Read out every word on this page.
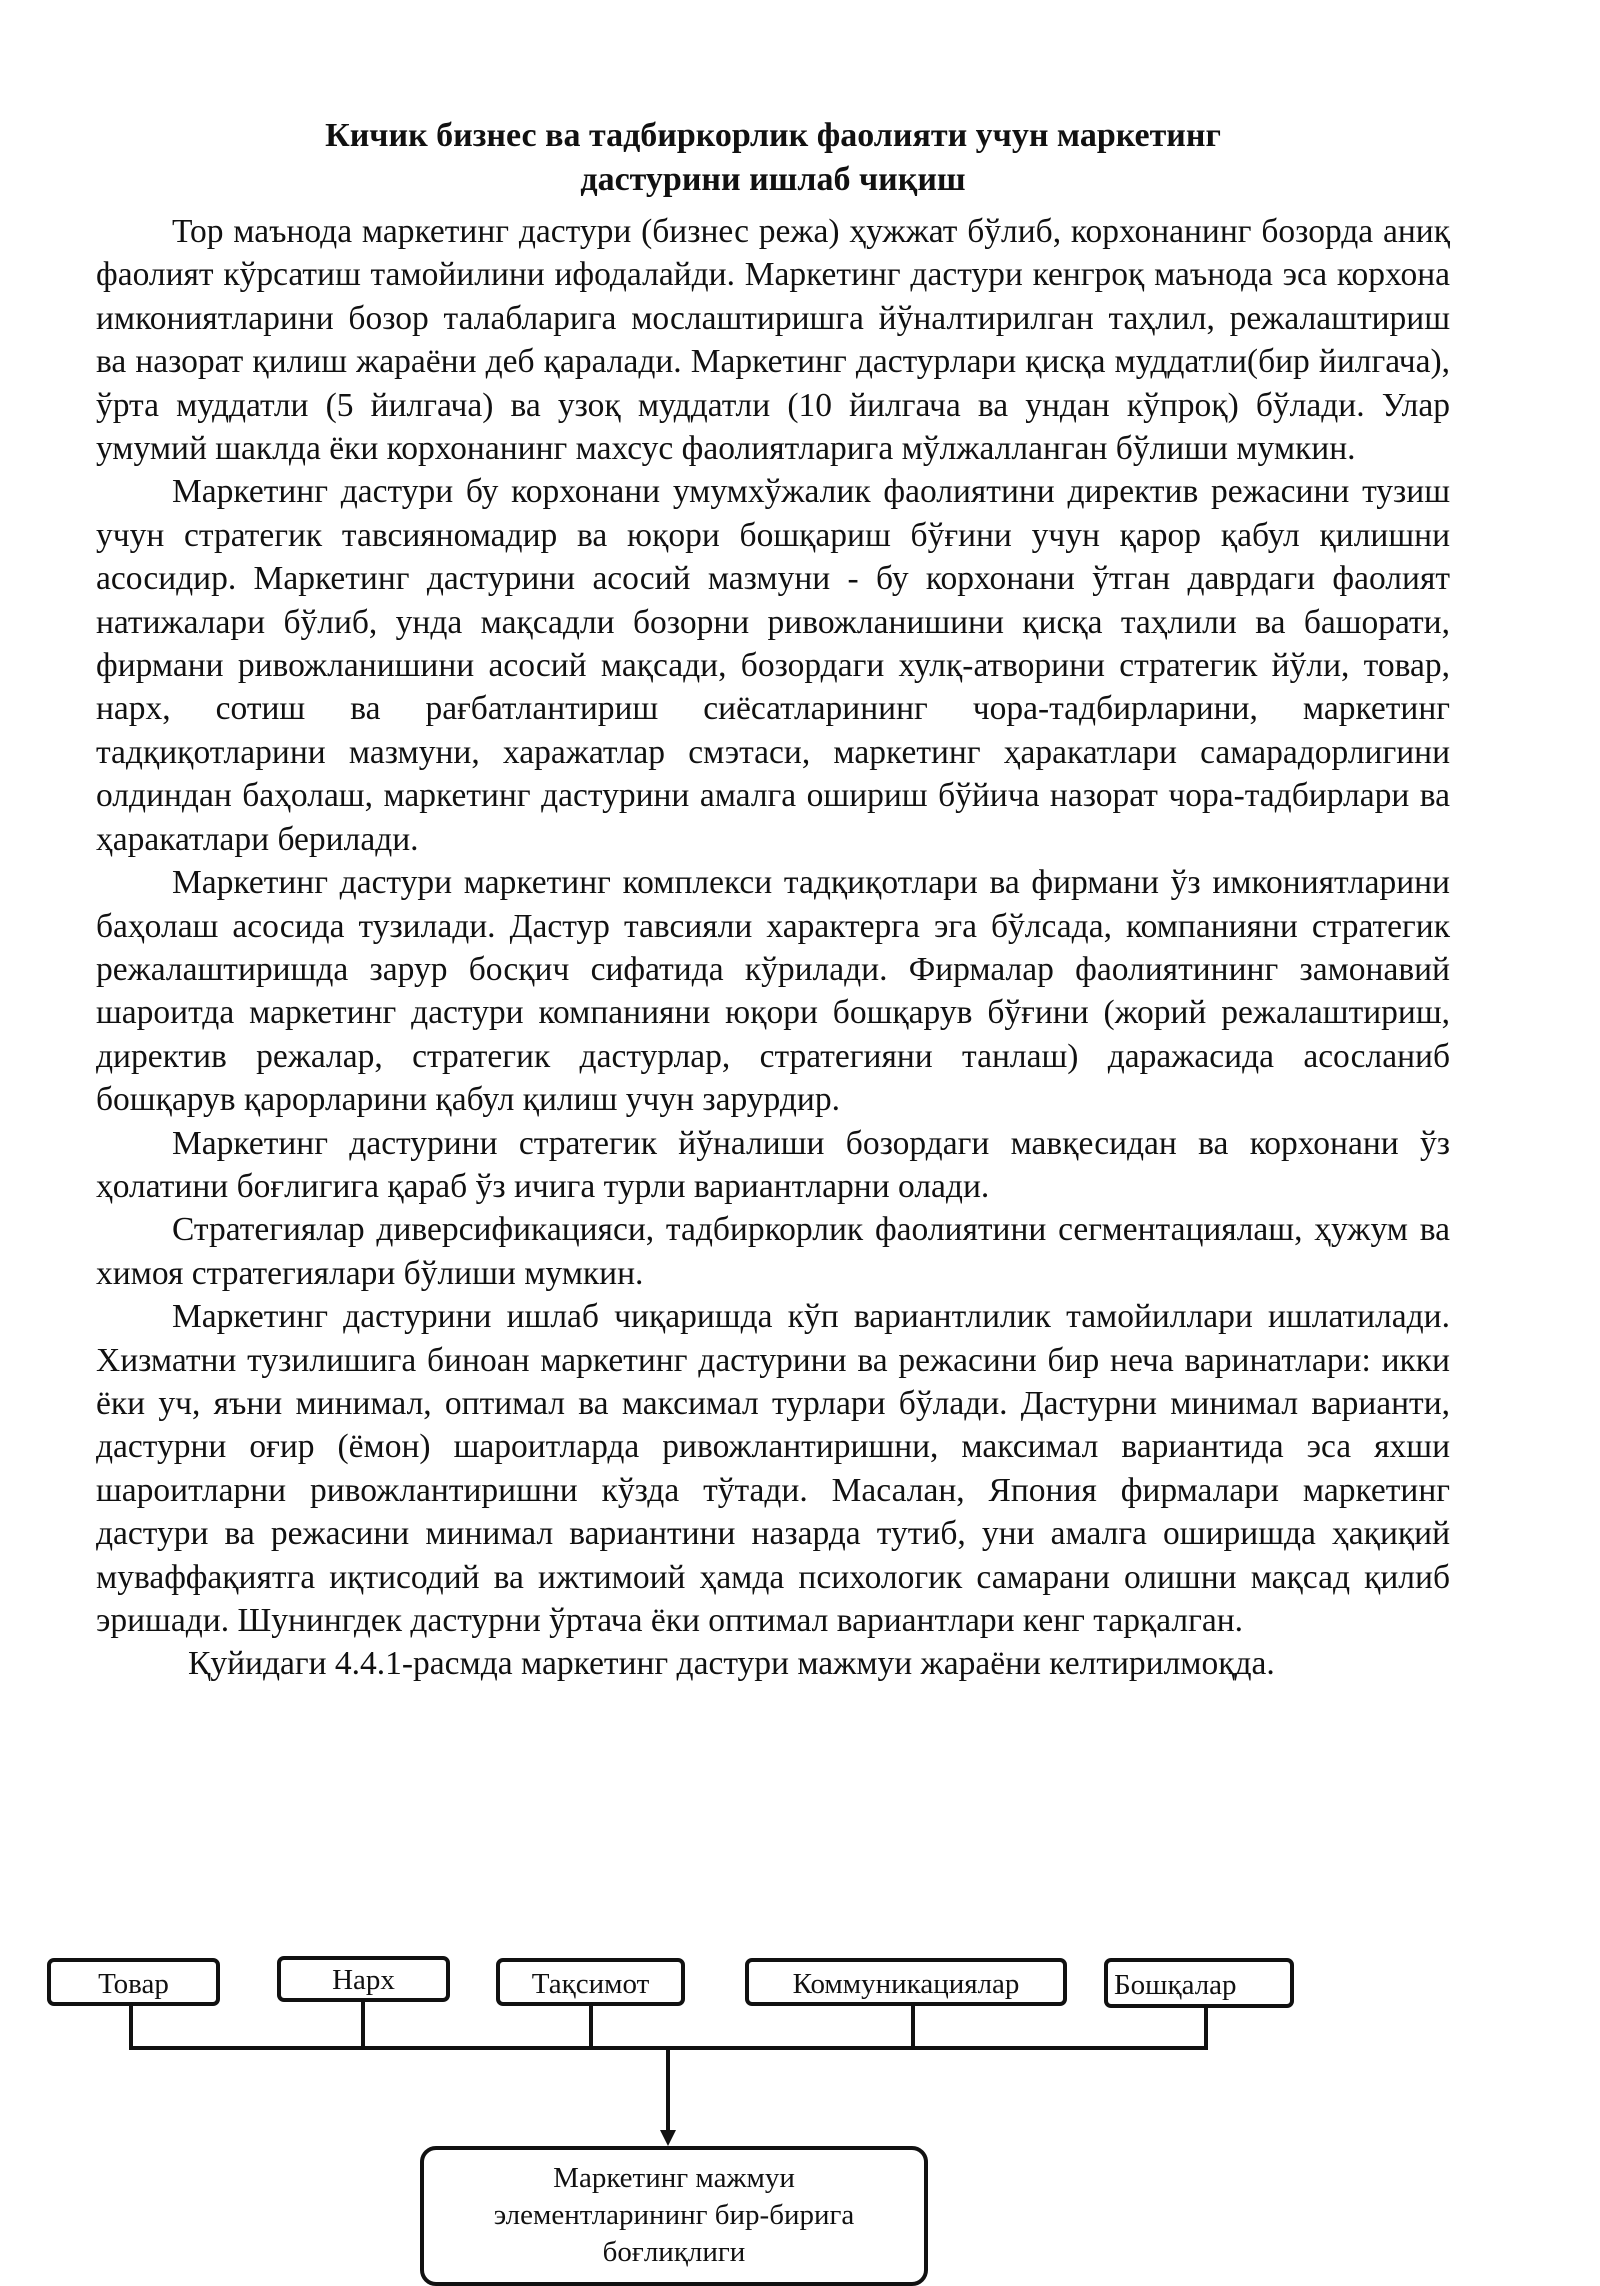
Кичик бизнес ва тадбиркорлик фаолияти учун маркетинг
дастурини ишлаб чиқиш

Тор маънода маркетинг дастури (бизнес режа) ҳужжат бўлиб, корхонанинг бозорда аниқ фаолият кўрсатиш тамойилини ифодалайди. Маркетинг дастури кенгроқ маънода эса корхона имкониятларини бозор талабларига мослаштиришга йўналтирилган таҳлил, режалаштириш ва назорат қилиш жараёни деб қаралади. Маркетинг дастурлари қисқа муддатли(бир йилгача), ўрта муддатли (5 йилгача) ва узоқ муддатли (10 йилгача ва ундан кўпроқ) бўлади. Улар умумий шаклда ёки корхонанинг махсус фаолиятларига мўлжалланган бўлиши мумкин.

Маркетинг дастури бу корхонани умумхўжалик фаолиятини директив режасини тузиш учун стратегик тавсияномадир ва юқори бошқариш бўғини учун қарор қабул қилишни асосидир. Маркетинг дастурини асосий мазмуни - бу корхонани ўтган даврдаги фаолият натижалари бўлиб, унда мақсадли бозорни ривожланишини қисқа таҳлили ва башорати, фирмани ривожланишини асосий мақсади, бозордаги хулқ-атворини стратегик йўли, товар, нарх, сотиш ва рағбатлантириш сиёсатларининг чора-тадбирларини, маркетинг тадқиқотларини мазмуни, харажатлар смэтаси, маркетинг ҳаракатлари самарадорлигини олдиндан баҳолаш, маркетинг дастурини амалга ошириш бўйича назорат чора-тадбирлари ва ҳаракатлари берилади.

Маркетинг дастури маркетинг комплекси тадқиқотлари ва фирмани ўз имкониятларини баҳолаш асосида тузилади. Дастур тавсияли характерга эга бўлсада, компанияни стратегик режалаштиришда зарур босқич сифатида кўрилади. Фирмалар фаолиятининг замонавий шароитда маркетинг дастури компанияни юқори бошқарув бўғини (жорий режалаштириш, директив режалар, стратегик дастурлар, стратегияни танлаш) даражасида асосланиб бошқарув қарорларини қабул қилиш учун зарурдир.

Маркетинг дастурини стратегик йўналиши бозордаги мавқесидан ва корхонани ўз ҳолатини боғлигига қараб ўз ичига турли вариантларни олади.

Стратегиялар диверсификацияси, тадбиркорлик фаолиятини сегментациялаш, ҳужум ва химоя стратегиялари бўлиши мумкин.

Маркетинг дастурини ишлаб чиқаришда кўп вариантлилик тамойиллари ишлатилади. Хизматни тузилишига биноан маркетинг дастурини ва режасини бир неча варинатлари: икки ёки уч, яъни минимал, оптимал ва максимал турлари бўлади. Дастурни минимал варианти, дастурни оғир (ёмон) шароитларда ривожлантиришни, максимал вариантида эса яхши шароитларни ривожлантиришни кўзда тўтади. Масалан, Япония фирмалари маркетинг дастури ва режасини минимал вариантини назарда тутиб, уни амалга оширишда ҳақиқий муваффақиятга иқтисодий ва ижтимоий ҳамда психологик самарани олишни мақсад қилиб эришади. Шунингдек дастурни ўртача ёки оптимал вариантлари кенг тарқалган.

Қуйидаги 4.4.1-расмда маркетинг дастури мажмуи жараёни келтирилмоқда.

Товар	Нарх	Тақсимот	Коммуникациялар	Бошқалар
Маркетинг мажмуи
элементларининг бир-бирига
боғлиқлиги
